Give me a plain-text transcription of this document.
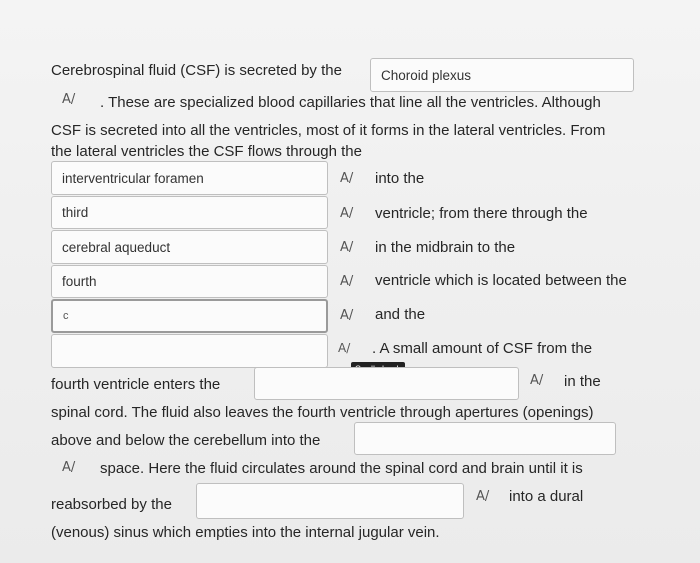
Cerebrospinal fluid (CSF) is secreted by the	Choroid plexus
A/ . These are specialized blood capillaries that line all the ventricles. Although
CSF is secreted into all the ventricles, most of it forms in the lateral ventricles. From
the lateral ventricles the CSF flows through the
interventricular foramen	A/ into the
third	A/ ventricle; from there through the
cerebral aqueduct	A/ in the midbrain to the
fourth	A/ ventricle which is located between the
c	A/ and the
A/ . A small amount of CSF from the
fourth ventricle enters the	A/ in the
spinal cord. The fluid also leaves the fourth ventricle through apertures (openings)
above and below the cerebellum into the
A/ space. Here the fluid circulates around the spinal cord and brain until it is
reabsorbed by the	A/ into a dural
(venous) sinus which empties into the internal jugular vein.
